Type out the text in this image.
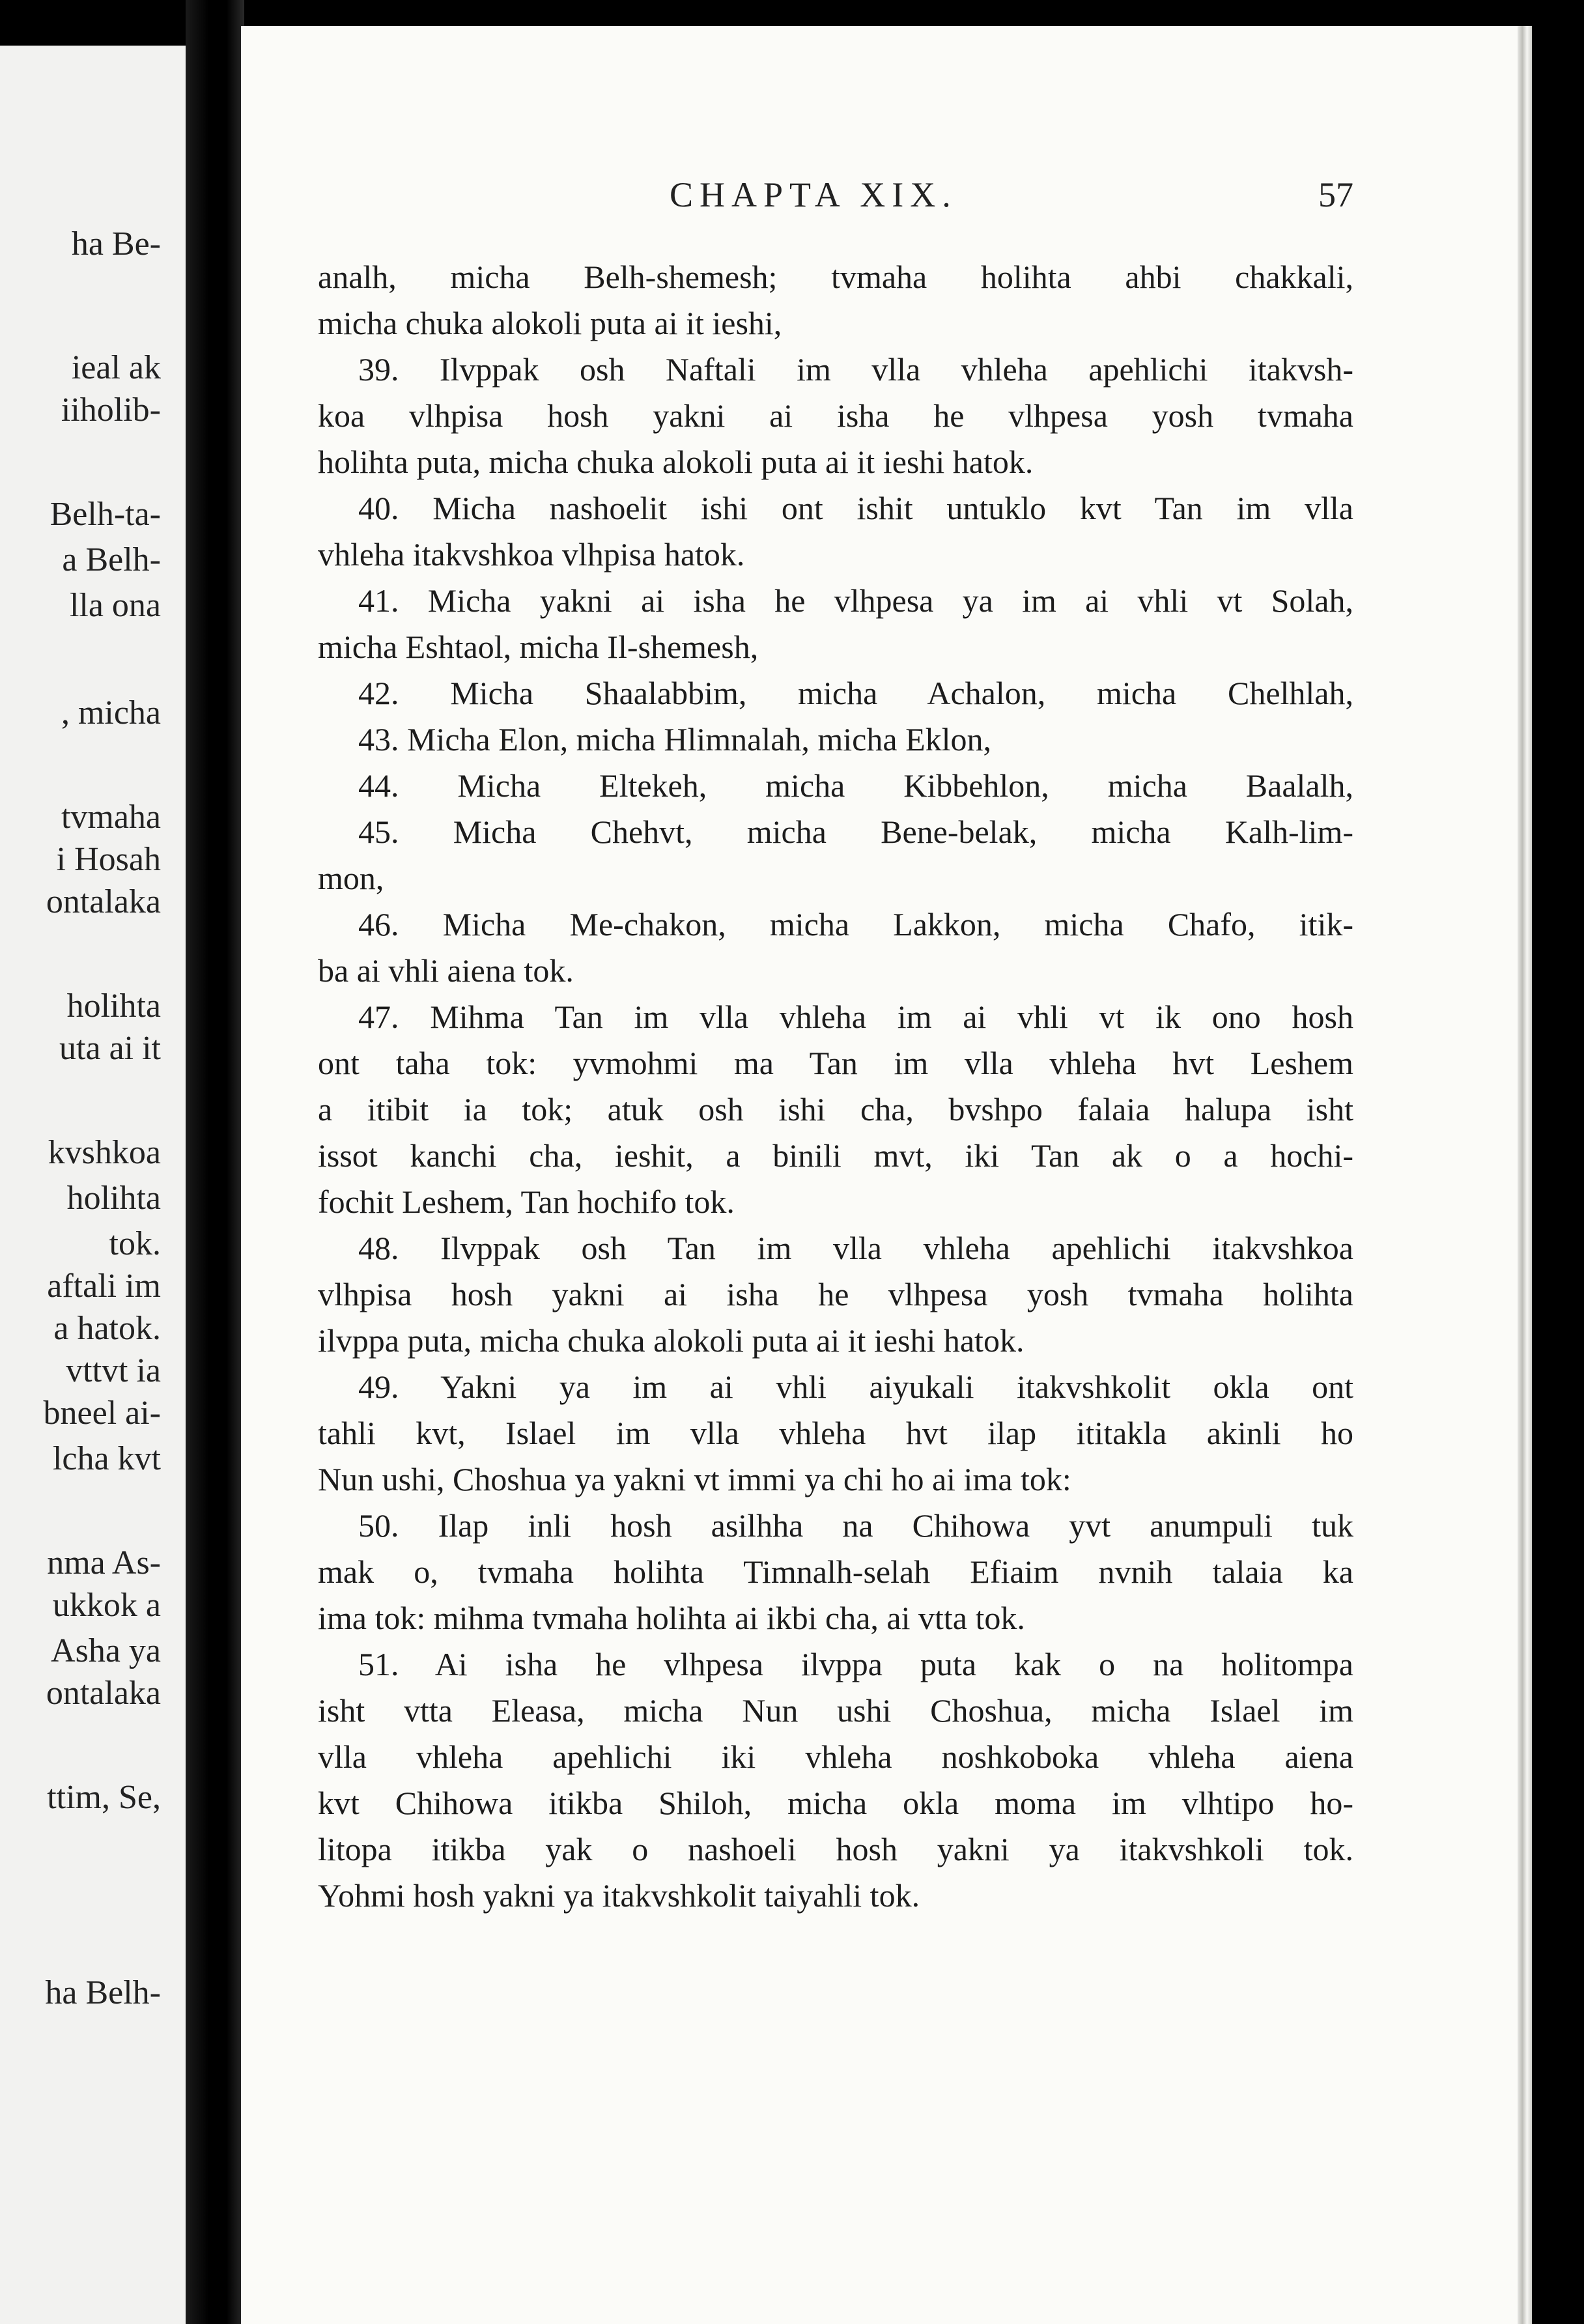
ha Be-
ieal ak
iiholib-
Belh-ta-
a Belh-
lla ona
, micha
tvmaha
i Hosah
ontalaka
holihta
uta ai it
kvshkoa
holihta
tok.
aftali im
a hatok.
vttvt ia
bneel ai-
lcha kvt
nma As-
ukkok a
Asha ya
ontalaka
ttim, Se,
ha Belh-
CHAPTA XIX.	57
analh, micha Belh-shemesh; tvmaha holihta ahbi chakkali,
micha chuka alokoli puta ai it ieshi,
39. Ilvppak osh Naftali im vlla vhleha apehlichi itakvsh-
koa vlhpisa hosh yakni ai isha he vlhpesa yosh tvmaha
holihta puta, micha chuka alokoli puta ai it ieshi hatok.
40. Micha nashoelit ishi ont ishit untuklo kvt Tan im vlla
vhleha itakvshkoa vlhpisa hatok.
41. Micha yakni ai isha he vlhpesa ya im ai vhli vt Solah,
micha Eshtaol, micha Il-shemesh,
42. Micha Shaalabbim, micha Achalon, micha Chelhlah,
43. Micha Elon, micha Hlimnalah, micha Eklon,
44. Micha Eltekeh, micha Kibbehlon, micha Baalalh,
45. Micha Chehvt, micha Bene-belak, micha Kalh-lim-
mon,
46. Micha Me-chakon, micha Lakkon, micha Chafo, itik-
ba ai vhli aiena tok.
47. Mihma Tan im vlla vhleha im ai vhli vt ik ono hosh
ont taha tok: yvmohmi ma Tan im vlla vhleha hvt Leshem
a itibit ia tok; atuk osh ishi cha, bvshpo falaia halupa isht
issot kanchi cha, ieshit, a binili mvt, iki Tan ak o a hochi-
fochit Leshem, Tan hochifo tok.
48. Ilvppak osh Tan im vlla vhleha apehlichi itakvshkoa
vlhpisa hosh yakni ai isha he vlhpesa yosh tvmaha holihta
ilvppa puta, micha chuka alokoli puta ai it ieshi hatok.
49. Yakni ya im ai vhli aiyukali itakvshkolit okla ont
tahli kvt, Islael im vlla vhleha hvt ilap ititakla akinli ho
Nun ushi, Choshua ya yakni vt immi ya chi ho ai ima tok:
50. Ilap inli hosh asilhha na Chihowa yvt anumpuli tuk
mak o, tvmaha holihta Timnalh-selah Efiaim nvnih talaia ka
ima tok: mihma tvmaha holihta ai ikbi cha, ai vtta tok.
51. Ai isha he vlhpesa ilvppa puta kak o na holitompa
isht vtta Eleasa, micha Nun ushi Choshua, micha Islael im
vlla vhleha apehlichi iki vhleha noshkoboka vhleha aiena
kvt Chihowa itikba Shiloh, micha okla moma im vlhtipo ho-
litopa itikba yak o nashoeli hosh yakni ya itakvshkoli tok.
Yohmi hosh yakni ya itakvshkolit taiyahli tok.
